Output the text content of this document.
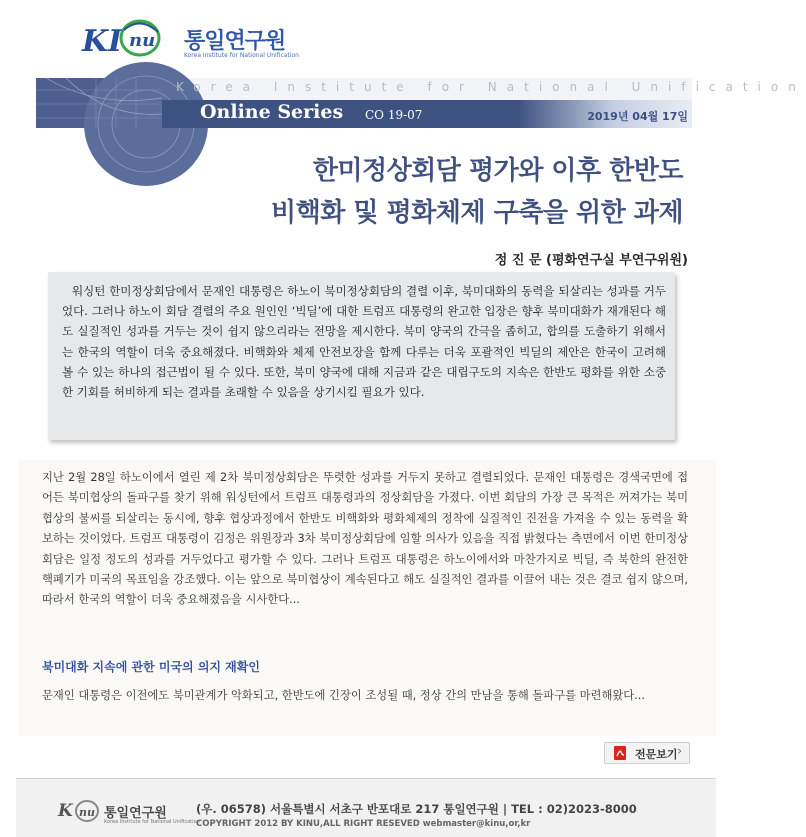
K I nu 통일연구원
Korea Institute for National Unification
Korea Institute for National Unification
Online Series CO 19-07	2019년 04월 17일
한미정상회담 평가와 이후 한반도
비핵화 및 평화체제 구축을 위한 과제
정 진 문 (평화연구실 부연구위원)

워싱턴 한미정상회담에서 문재인 대통령은 하노이 북미정상회담의 결렬 이후, 북미대화의 동력을 되살리는 성과를 거두었다. 그러나 하노이 회담 결렬의 주요 원인인 ‘빅딜’에 대한 트럼프 대통령의 완고한 입장은 향후 북미대화가 재개된다 해도 실질적인 성과를 거두는 것이 쉽지 않으리라는 전망을 제시한다. 북미 양국의 간극을 좁히고, 합의를 도출하기 위해서는 한국의 역할이 더욱 중요해졌다. 비핵화와 체제 안전보장을 함께 다루는 더욱 포괄적인 빅딜의 제안은 한국이 고려해 볼 수 있는 하나의 접근법이 될 수 있다. 또한, 북미 양국에 대해 지금과 같은 대립구도의 지속은 한반도 평화를 위한 소중한 기회를 허비하게 되는 결과를 초래할 수 있음을 상기시킬 필요가 있다.

지난 2월 28일 하노이에서 열린 제 2차 북미정상회담은 뚜렷한 성과를 거두지 못하고 결렬되었다. 문재인 대통령은 경색국면에 접어든 북미협상의 돌파구를 찾기 위해 워싱턴에서 트럼프 대통령과의 정상회담을 가졌다. 이번 회담의 가장 큰 목적은 꺼져가는 북미협상의 불씨를 되살리는 동시에, 향후 협상과정에서 한반도 비핵화와 평화체제의 정착에 실질적인 진전을 가져올 수 있는 동력을 확보하는 것이었다. 트럼프 대통령이 김정은 위원장과 3차 북미정상회담에 임할 의사가 있음을 직접 밝혔다는 측면에서 이번 한미정상회담은 일정 정도의 성과를 거두었다고 평가할 수 있다. 그러나 트럼프 대통령은 하노이에서와 마찬가지로 빅딜, 즉 북한의 완전한 핵폐기가 미국의 목표임을 강조했다. 이는 앞으로 북미협상이 계속된다고 해도 실질적인 결과를 이끌어 내는 것은 결코 쉽지 않으며, 따라서 한국의 역할이 더욱 중요해졌음을 시사한다...

북미대화 지속에 관한 미국의 의지 재확인

문재인 대통령은 이전에도 북미관계가 악화되고, 한반도에 긴장이 조성될 때, 정상 간의 만남을 통해 돌파구를 마련해왔다...

전문보기 ›
K nu 통일연구원
Korea Institute for National Unification
(우. 06578) 서울특별시 서초구 반포대로 217 통일연구원 | TEL : 02)2023-8000
COPYRIGHT 2012 BY KINU,ALL RIGHT RESEVED webmaster@kinu,or,kr
